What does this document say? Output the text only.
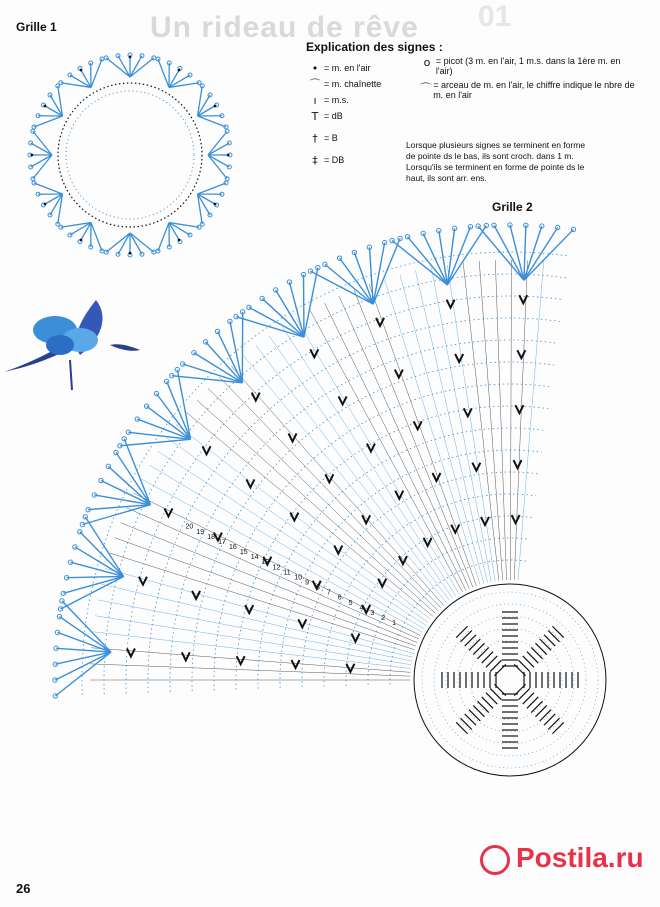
Un rideau de rêve 01
Grille 1
Grille 2
Explication des signes :
• = m. en l'air
⌒ = m. chaînette
ı = m.s.
T = dB
† = B
‡ = DB
o = picot (3 m. en l'air, 1 m.s. dans la 1ère m. en l'air)
⌒ = arceau de m. en l'air, le chiffre indique le nbre de m. en l'air
Lorsque plusieurs signes se terminent en forme de pointe ds le bas, ils sont croch. dans 1 m. Lorsqu'ils se terminent en forme de pointe ds le haut, ils sont arr. ens.
1
2
3
4
5
6
7
8
9
10
11
12
13
14
15
16
17
18
19
20
26
Postila.ru
